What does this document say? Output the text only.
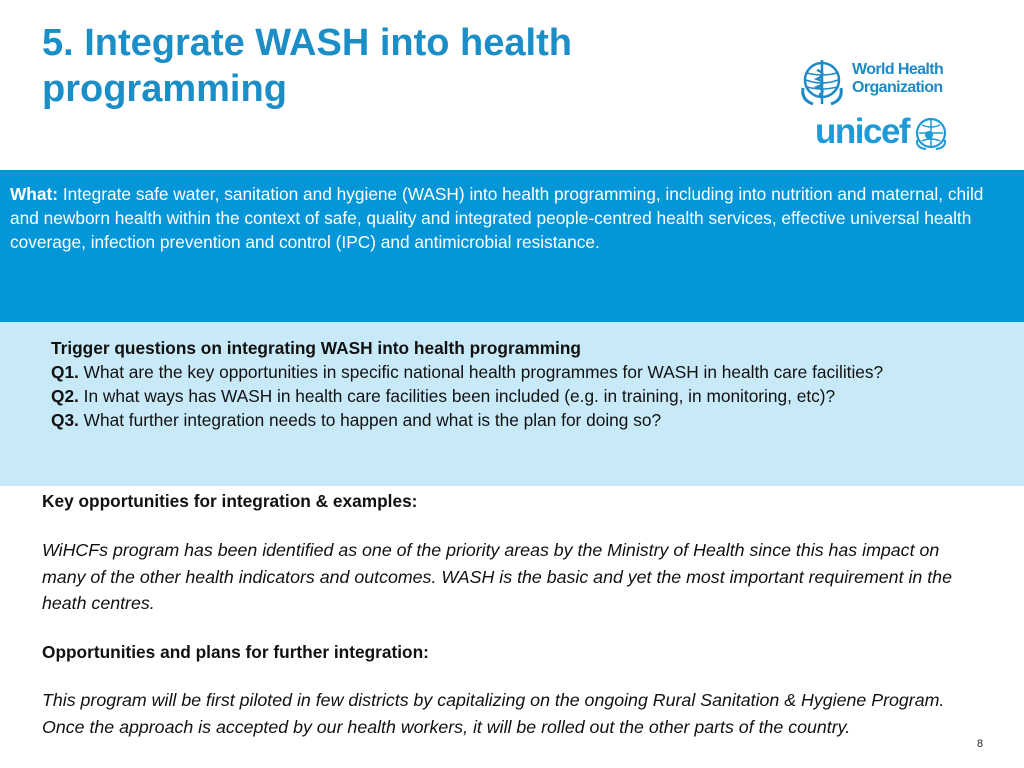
5. Integrate WASH into health programming	World Health
Organization
unicef

What: Integrate safe water, sanitation and hygiene (WASH) into health programming, including into nutrition and maternal, child and newborn health within the context of safe, quality and integrated people-centred health services, effective universal health coverage, infection prevention and control (IPC) and antimicrobial resistance.

Trigger questions on integrating WASH into health programming
Q1. What are the key opportunities in specific national health programmes for WASH in health care facilities?
Q2. In what ways has WASH in health care facilities been included (e.g. in training, in monitoring, etc)?
Q3. What further integration needs to happen and what is the plan for doing so?
Key opportunities for integration & examples:

WiHCFs program has been identified as one of the priority areas by the Ministry of Health since this has impact on many of the other health indicators and outcomes. WASH is the basic and yet the most important requirement in the heath centres.

Opportunities and plans for further integration:

This program will be first piloted in few districts by capitalizing on the ongoing Rural Sanitation & Hygiene Program. Once the approach is accepted by our health workers, it will be rolled out the other parts of the country.

8
